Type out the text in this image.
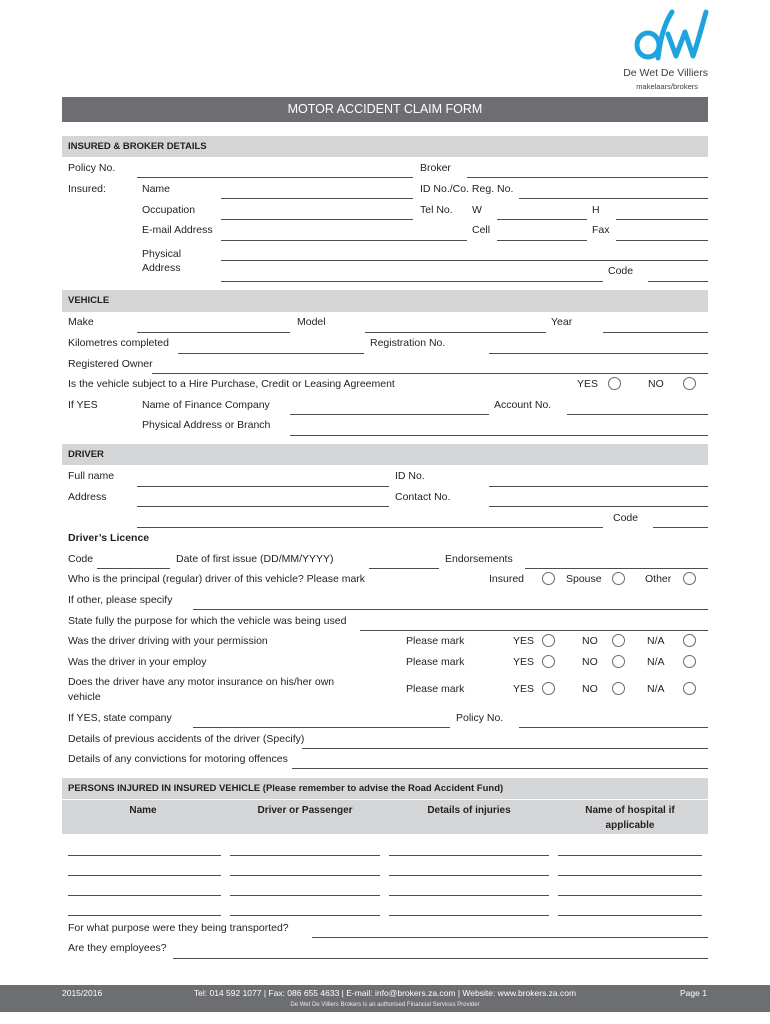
De Wet De Villiers
makelaars/brokers
MOTOR ACCIDENT CLAIM FORM
INSURED & BROKER DETAILS
Policy No.	Broker
Insured:	Name	ID No./Co. Reg. No.
Occupation	Tel No. W	H
E-mail Address	Cell	Fax
Physical
Address	Code
VEHICLE
Make	Model	Year
Kilometres completed	Registration No.
Registered Owner
Is the vehicle subject to a Hire Purchase, Credit or Leasing Agreement	YES	NO
If YES	Name of Finance Company	Account No.
Physical Address or Branch
DRIVER
Full name	ID No.
Address	Contact No.
Code
Driver’s Licence
Code	Date of first issue (DD/MM/YYYY)	Endorsements
Who is the principal (regular) driver of this vehicle? Please mark	Insured	Spouse	Other
If other, please specify
State fully the purpose for which the vehicle was being used
Was the driver driving with your permission	Please mark	YES	NO	N/A
Was the driver in your employ	Please mark	YES	NO	N/A
Does the driver have any motor insurance on his/her own
vehicle
Please mark	YES	NO	N/A
If YES, state company	Policy No.
Details of previous accidents of the driver (Specify)
Details of any convictions for motoring offences
PERSONS INJURED IN INSURED VEHICLE (Please remember to advise the Road Accident Fund)
Name	Driver or Passenger	Details of injuries	Name of hospital if applicable
For what purpose were they being transported?
Are they employees?
2015/2016	Tel: 014 592 1077 | Fax: 086 655 4633 | E-mail: info@brokers.za.com | Website: www.brokers.za.com	Page 1
De Wet De Villiers Brokers is an authorised Financial Services Provider
